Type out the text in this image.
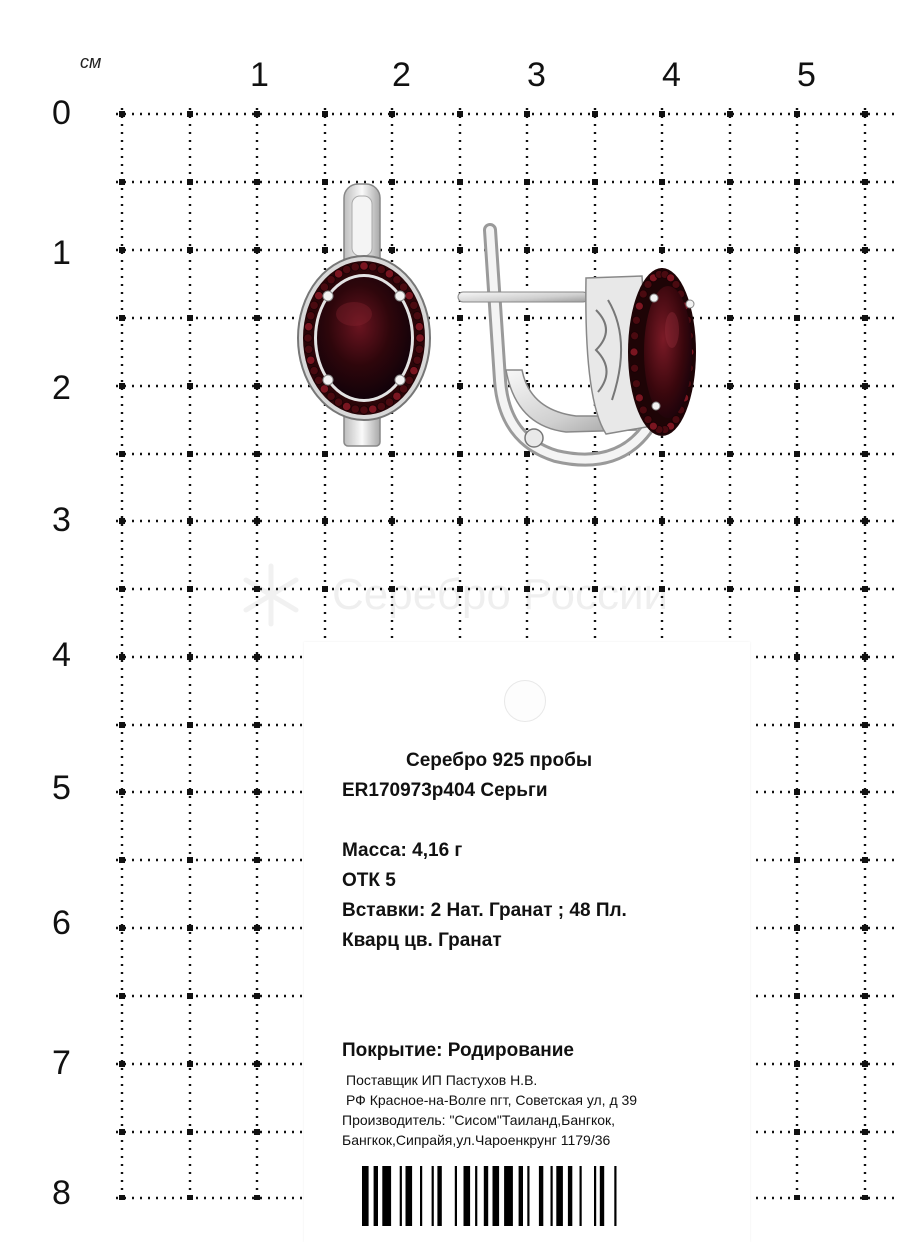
см	1	2	3	4	5
0
1
2
3
4
5
6
7
8
Серебро России
Серебро 925 пробы
ER170973р404 Серьги
Масса: 4,16 г
ОТК 5
Вставки: 2 Нат. Гранат ; 48 Пл.
Кварц цв. Гранат
Покрытие: Родирование
Поставщик ИП Пастухов Н.В.
РФ Красное-на-Волге пгт, Советская ул, д 39
Производитель: "Сисом"Таиланд,Бангкок,
Бангкок,Сипрайя,ул.Чароенкрунг 1179/36
